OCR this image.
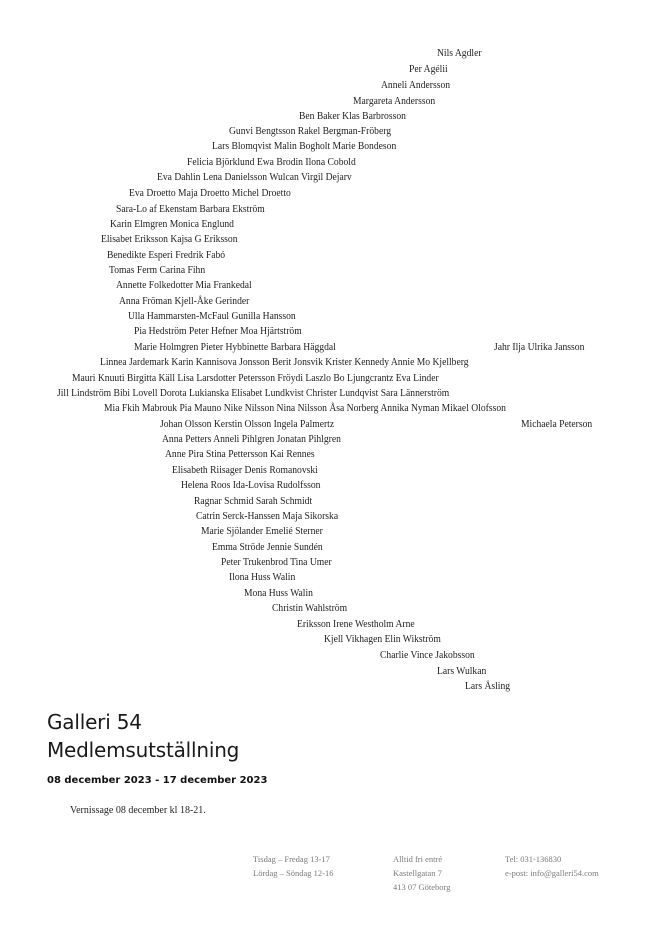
Nils Agdler
Per Agélii
Anneli Andersson
Margareta Andersson
Ben Baker Klas Barbrosson
Gunvi Bengtsson Rakel Bergman-Fröberg
Lars Blomqvist Malin Bogholt Marie Bondeson
Felicia Björklund Ewa Brodin Ilona Cobold
Eva Dahlin Lena Danielsson Wulcan Virgil Dejarv
Eva Droetto Maja Droetto Michel Droetto
Sara-Lo af Ekenstam Barbara Ekström
Karin Elmgren Monica Englund
Elisabet Eriksson Kajsa G Eriksson
Benedikte Esperi Fredrik Fabó
Tomas Ferm Carina Fihn
Annette Folkedotter Mia Frankedal
Anna Fröman Kjell-Åke Gerinder
Ulla Hammarsten-McFaul Gunilla Hansson
Pia Hedström Peter Hefner Moa Hjärtström
Marie Holmgren Pieter Hybbinette Barbara Häggdal	Jahr Ilja Ulrika Jansson
Linnea Jardemark Karin Kannisova Jonsson Berit Jonsvik Krister Kennedy Annie Mo Kjellberg
Mauri Knuuti Birgitta Käll Lisa Larsdotter Petersson Fröydi Laszlo Bo Ljungcrantz Eva Linder
Jill Lindström Bibi Lovell Dorota Lukianska Elisabet Lundkvist Christer Lundqvist Sara Lännerström
Mia Fkih Mabrouk Pia Mauno Nike Nilsson Nina Nilsson Åsa Norberg Annika Nyman Mikael Olofsson
Johan Olsson Kerstin Olsson Ingela Palmertz	Michaela Peterson
Anna Petters Anneli Pihlgren Jonatan Pihlgren
Anne Pira Stina Pettersson Kai Rennes
Elisabeth Riisager Denis Romanovski
Helena Roos Ida-Lovisa Rudolfsson
Ragnar Schmid Sarah Schmidt
Catrin Serck-Hanssen Maja Sikorska
Marie Sjölander Emelié Sterner
Emma Ströde Jennie Sundén
Peter Trukenbrod Tina Umer
Ilona Huss Walin
Mona Huss Walin
Christin Wahlström
Eriksson Irene Westholm Arne
Kjell Vikhagen Elin Wikström
Charlie Vince Jakobsson
Lars Wulkan
Lars Äsling
Galleri 54
Medlemsutställning
08 december 2023 - 17 december 2023
Vernissage 08 december kl 18-21.
Tisdag – Fredag 13-17
Lördag – Söndag 12-16
Alltid fri entré
Kastellgatan 7
413 07 Göteborg
Tel: 031-136830
e-post: info@galleri54.com
